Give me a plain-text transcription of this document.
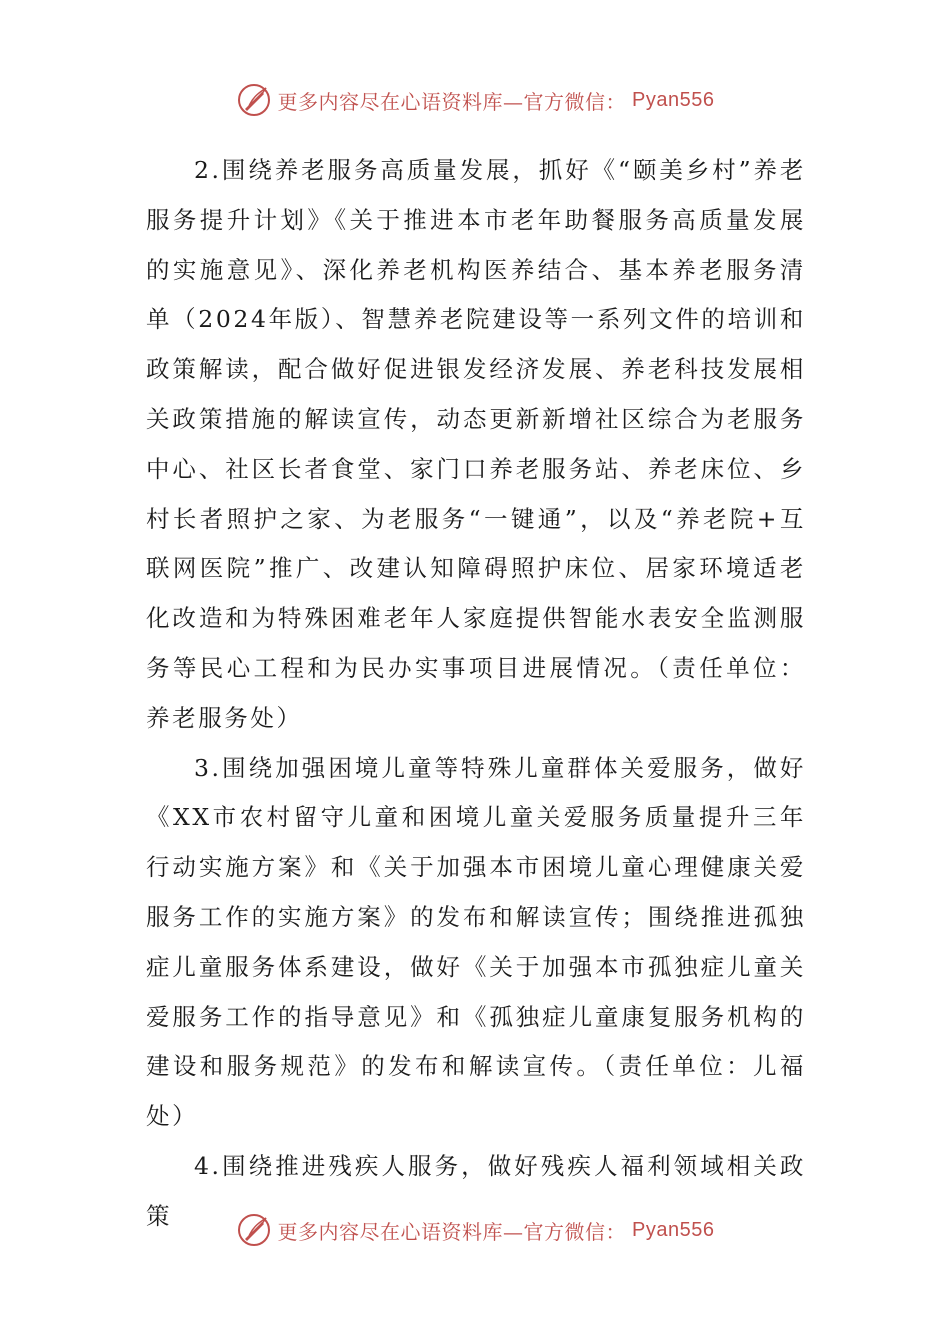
更多内容尽在心语资料库—官方微信： Pyan556

2.围绕养老服务高质量发展，抓好《“颐美乡村”养老服务提升计划》《关于推进本市老年助餐服务高质量发展的实施意见》、深化养老机构医养结合、基本养老服务清单（2024年版）、智慧养老院建设等一系列文件的培训和政策解读，配合做好促进银发经济发展、养老科技发展相关政策措施的解读宣传，动态更新新增社区综合为老服务中心、社区长者食堂、家门口养老服务站、养老床位、乡村长者照护之家、为老服务“一键通”，以及“养老院+互联网医院”推广、改建认知障碍照护床位、居家环境适老化改造和为特殊困难老年人家庭提供智能水表安全监测服务等民心工程和为民办实事项目进展情况。（责任单位：养老服务处）

3.围绕加强困境儿童等特殊儿童群体关爱服务，做好《XX市农村留守儿童和困境儿童关爱服务质量提升三年行动实施方案》和《关于加强本市困境儿童心理健康关爱服务工作的实施方案》的发布和解读宣传；围绕推进孤独症儿童服务体系建设，做好《关于加强本市孤独症儿童关爱服务工作的指导意见》和《孤独症儿童康复服务机构的建设和服务规范》的发布和解读宣传。（责任单位：儿福处）

4.围绕推进残疾人服务，做好残疾人福利领域相关政策

更多内容尽在心语资料库—官方微信： Pyan556
